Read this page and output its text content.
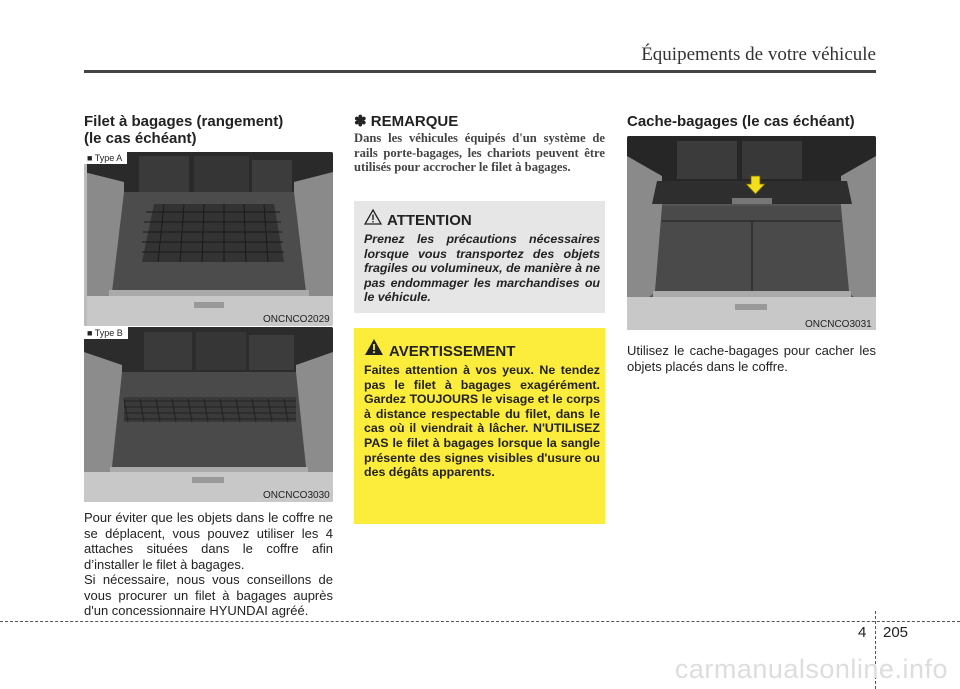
Équipements de votre véhicule
Filet à bagages (rangement)
(le cas échéant)
■ Type A
ONCNCO2029
■ Type B
ONCNCO3030
Pour éviter que les objets dans le coffre ne se déplacent, vous pouvez utiliser les 4 attaches situées dans le coffre afin d’installer le filet à bagages.
Si nécessaire, nous vous conseillons de vous procurer un filet à bagages auprès d'un concessionnaire HYUNDAI agréé.
✽ REMARQUE
Dans les véhicules équipés d'un système de rails porte-bagages, les chariots peuvent être utilisés pour accrocher le filet à bagages.
ATTENTION
Prenez les précautions nécessaires lorsque vous transportez des objets fragiles ou volumineux, de manière à ne pas endommager les marchandises ou le véhicule.
AVERTISSEMENT
Faites attention à vos yeux. Ne tendez pas le filet à bagages exagérément. Gardez TOUJOURS le visage et le corps à distance respectable du filet, dans le cas où il viendrait à lâcher. N'UTILISEZ PAS le filet à bagages lorsque la sangle présente des signes visibles d'usure ou des dégâts apparents.
Cache-bagages (le cas échéant)
ONCNCO3031
Utilisez le cache-bagages pour cacher les objets placés dans le coffre.
4 205
carmanualsonline.info
